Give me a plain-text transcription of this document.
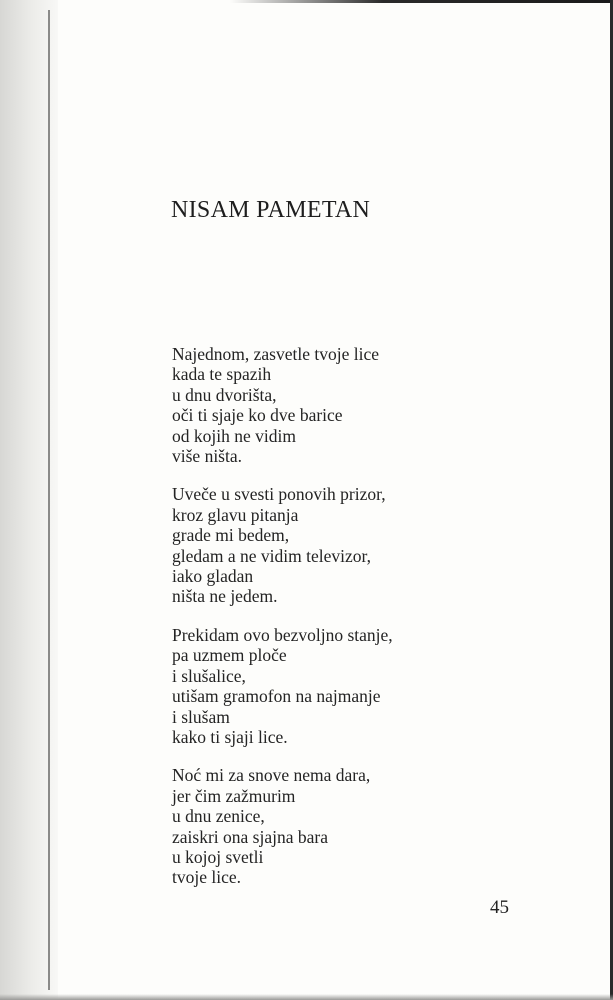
NISAM PAMETAN
Najednom, zasvetle tvoje lice
kada te spazih
u dnu dvorišta,
oči ti sjaje ko dve barice
od kojih ne vidim
više ništa.
Uveče u svesti ponovih prizor,
kroz glavu pitanja
grade mi bedem,
gledam a ne vidim televizor,
iako gladan
ništa ne jedem.
Prekidam ovo bezvoljno stanje,
pa uzmem ploče
i slušalice,
utišam gramofon na najmanje
i slušam
kako ti sjaji lice.
Noć mi za snove nema dara,
jer čim zažmurim
u dnu zenice,
zaiskri ona sjajna bara
u kojoj svetli
tvoje lice.
45
